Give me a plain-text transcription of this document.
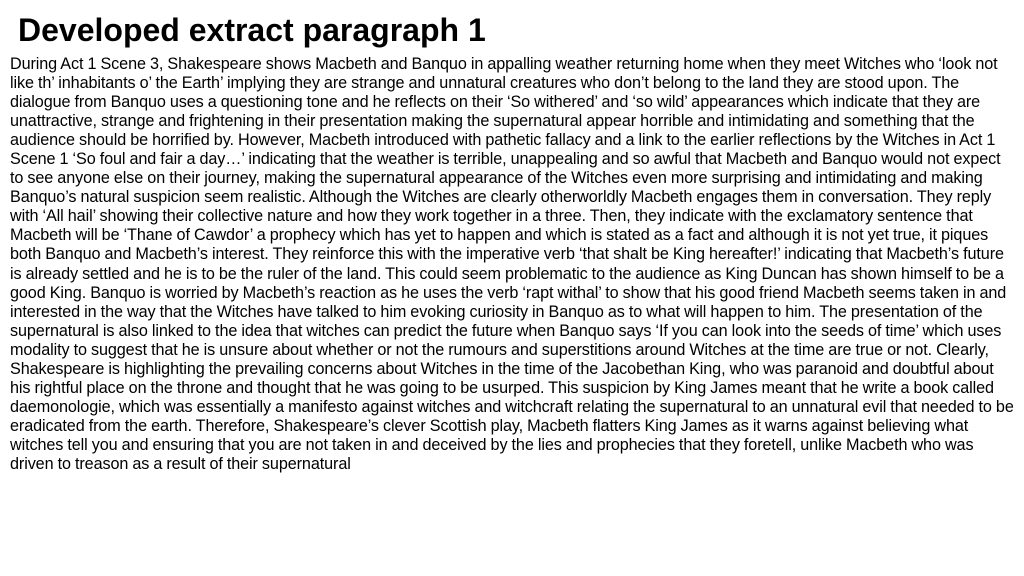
Developed extract paragraph 1

During Act 1 Scene 3, Shakespeare shows Macbeth and Banquo in appalling weather returning home when they meet Witches who ‘look not like th’ inhabitants o’ the Earth’ implying they are strange and unnatural creatures who don’t belong to the land they are stood upon. The dialogue from Banquo uses a questioning tone and he reflects on their ‘So withered’ and ‘so wild’ appearances which indicate that they are unattractive, strange and frightening in their presentation making the supernatural appear horrible and intimidating and something that the audience should be horrified by. However, Macbeth introduced with pathetic fallacy and a link to the earlier reflections by the Witches in Act 1 Scene 1 ‘So foul and fair a day…’ indicating that the weather is terrible, unappealing and so awful that Macbeth and Banquo would not expect to see anyone else on their journey, making the supernatural appearance of the Witches even more surprising and intimidating and making Banquo’s natural suspicion seem realistic. Although the Witches are clearly otherworldly Macbeth engages them in conversation. They reply with ‘All hail’ showing their collective nature and how they work together in a three. Then, they indicate with the exclamatory sentence that Macbeth will be ‘Thane of Cawdor’ a prophecy which has yet to happen and which is stated as a fact and although it is not yet true, it piques both Banquo and Macbeth’s interest. They reinforce this with the imperative verb ‘that shalt be King hereafter!’ indicating that Macbeth’s future is already settled and he is to be the ruler of the land. This could seem problematic to the audience as King Duncan has shown himself to be a good King. Banquo is worried by Macbeth’s reaction as he uses the verb ‘rapt withal’ to show that his good friend Macbeth seems taken in and interested in the way that the Witches have talked to him evoking curiosity in Banquo as to what will happen to him. The presentation of the supernatural is also linked to the idea that witches can predict the future when Banquo says ‘If you can look into the seeds of time’ which uses modality to suggest that he is unsure about whether or not the rumours and superstitions around Witches at the time are true or not. Clearly, Shakespeare is highlighting the prevailing concerns about Witches in the time of the Jacobethan King, who was paranoid and doubtful about his rightful place on the throne and thought that he was going to be usurped. This suspicion by King James meant that he write a book called daemonologie, which was essentially a manifesto against witches and witchcraft relating the supernatural to an unnatural evil that needed to be eradicated from the earth. Therefore, Shakespeare’s clever Scottish play, Macbeth flatters King James as it warns against believing what witches tell you and ensuring that you are not taken in and deceived by the lies and prophecies that they foretell, unlike Macbeth who was driven to treason as a result of their supernatural
